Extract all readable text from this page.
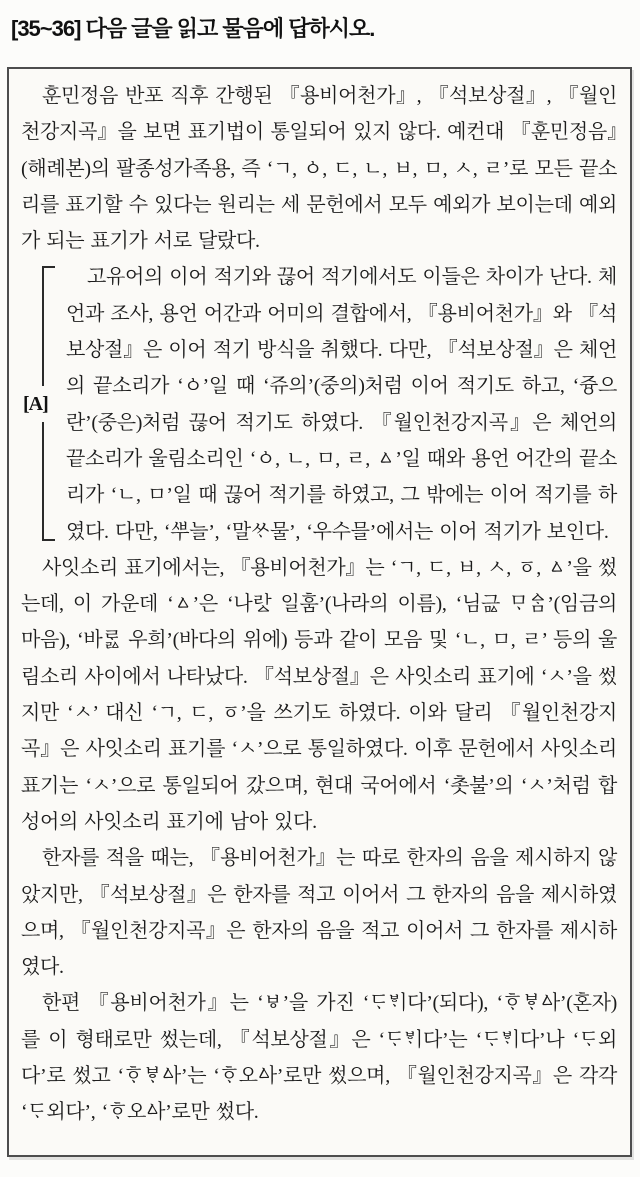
[35~36] 다음 글을 읽고 물음에 답하시오.

훈민정음 반포 직후 간행된 『용비어천가』, 『석보상절』, 『월인천강지곡』을 보면 표기법이 통일되어 있지 않다. 예컨대 『훈민정음』(해례본)의 팔종성가족용, 즉 ‘ㄱ, ㆁ, ㄷ, ㄴ, ㅂ, ㅁ, ㅅ, ㄹ’로 모든 끝소리를 표기할 수 있다는 원리는 세 문헌에서 모두 예외가 보이는데 예외가 되는 표기가 서로 달랐다.

[A]

고유어의 이어 적기와 끊어 적기에서도 이들은 차이가 난다. 체언과 조사, 용언 어간과 어미의 결합에서, 『용비어천가』와 『석보상절』은 이어 적기 방식을 취했다. 다만, 『석보상절』은 체언의 끝소리가 ‘ㆁ’일 때 ‘쥬의’(중의)처럼 이어 적기도 하고, ‘즁으란’(중은)처럼 끊어 적기도 하였다. 『월인천강지곡』은 체언의 끝소리가 울림소리인 ‘ㆁ, ㄴ, ㅁ, ㄹ, ㅿ’일 때와 용언 어간의 끝소리가 ‘ㄴ, ㅁ’일 때 끊어 적기를 하였고, 그 밖에는 이어 적기를 하였다. 다만, ‘ᄲᅮ늘’, ‘말ᄊᆞ물’, ‘우수믈’에서는 이어 적기가 보인다.

사잇소리 표기에서는, 『용비어천가』는 ‘ㄱ, ㄷ, ㅂ, ㅅ, ㆆ, ㅿ’을 썼는데, 이 가운데 ‘ㅿ’은 ‘나라ᇫ 일훔’(나라의 이름), ‘님그ᇟ ᄆᆞᅀᆞᆷ’(임금의 마음), ‘바ᄅᆞᇗ 우희’(바다의 위에) 등과 같이 모음 및 ‘ㄴ, ㅁ, ㄹ’ 등의 울림소리 사이에서 나타났다. 『석보상절』은 사잇소리 표기에 ‘ㅅ’을 썼지만 ‘ㅅ’ 대신 ‘ㄱ, ㄷ, ㆆ’을 쓰기도 하였다. 이와 달리 『월인천강지곡』은 사잇소리 표기를 ‘ㅅ’으로 통일하였다. 이후 문헌에서 사잇소리 표기는 ‘ㅅ’으로 통일되어 갔으며, 현대 국어에서 ‘촛불’의 ‘ㅅ’처럼 합성어의 사잇소리 표기에 남아 있다.

한자를 적을 때는, 『용비어천가』는 따로 한자의 음을 제시하지 않았지만, 『석보상절』은 한자를 적고 이어서 그 한자의 음을 제시하였으며, 『월인천강지곡』은 한자의 음을 적고 이어서 그 한자를 제시하였다.

한편 『용비어천가』는 ‘ㅸ’을 가진 ‘ᄃᆞᄫᆡ다’(되다), ‘ᄒᆞᄫᆞᅀᅡ’(혼자)를 이 형태로만 썼는데, 『석보상절』은 ‘ᄃᆞᄫᆡ다’는 ‘ᄃᆞᄫᆡ다’나 ‘ᄃᆞ외다’로 썼고 ‘ᄒᆞᄫᆞᅀᅡ’는 ‘ᄒᆞ오ᅀᅡ’로만 썼으며, 『월인천강지곡』은 각각 ‘ᄃᆞ외다’, ‘ᄒᆞ오ᅀᅡ’로만 썼다.
